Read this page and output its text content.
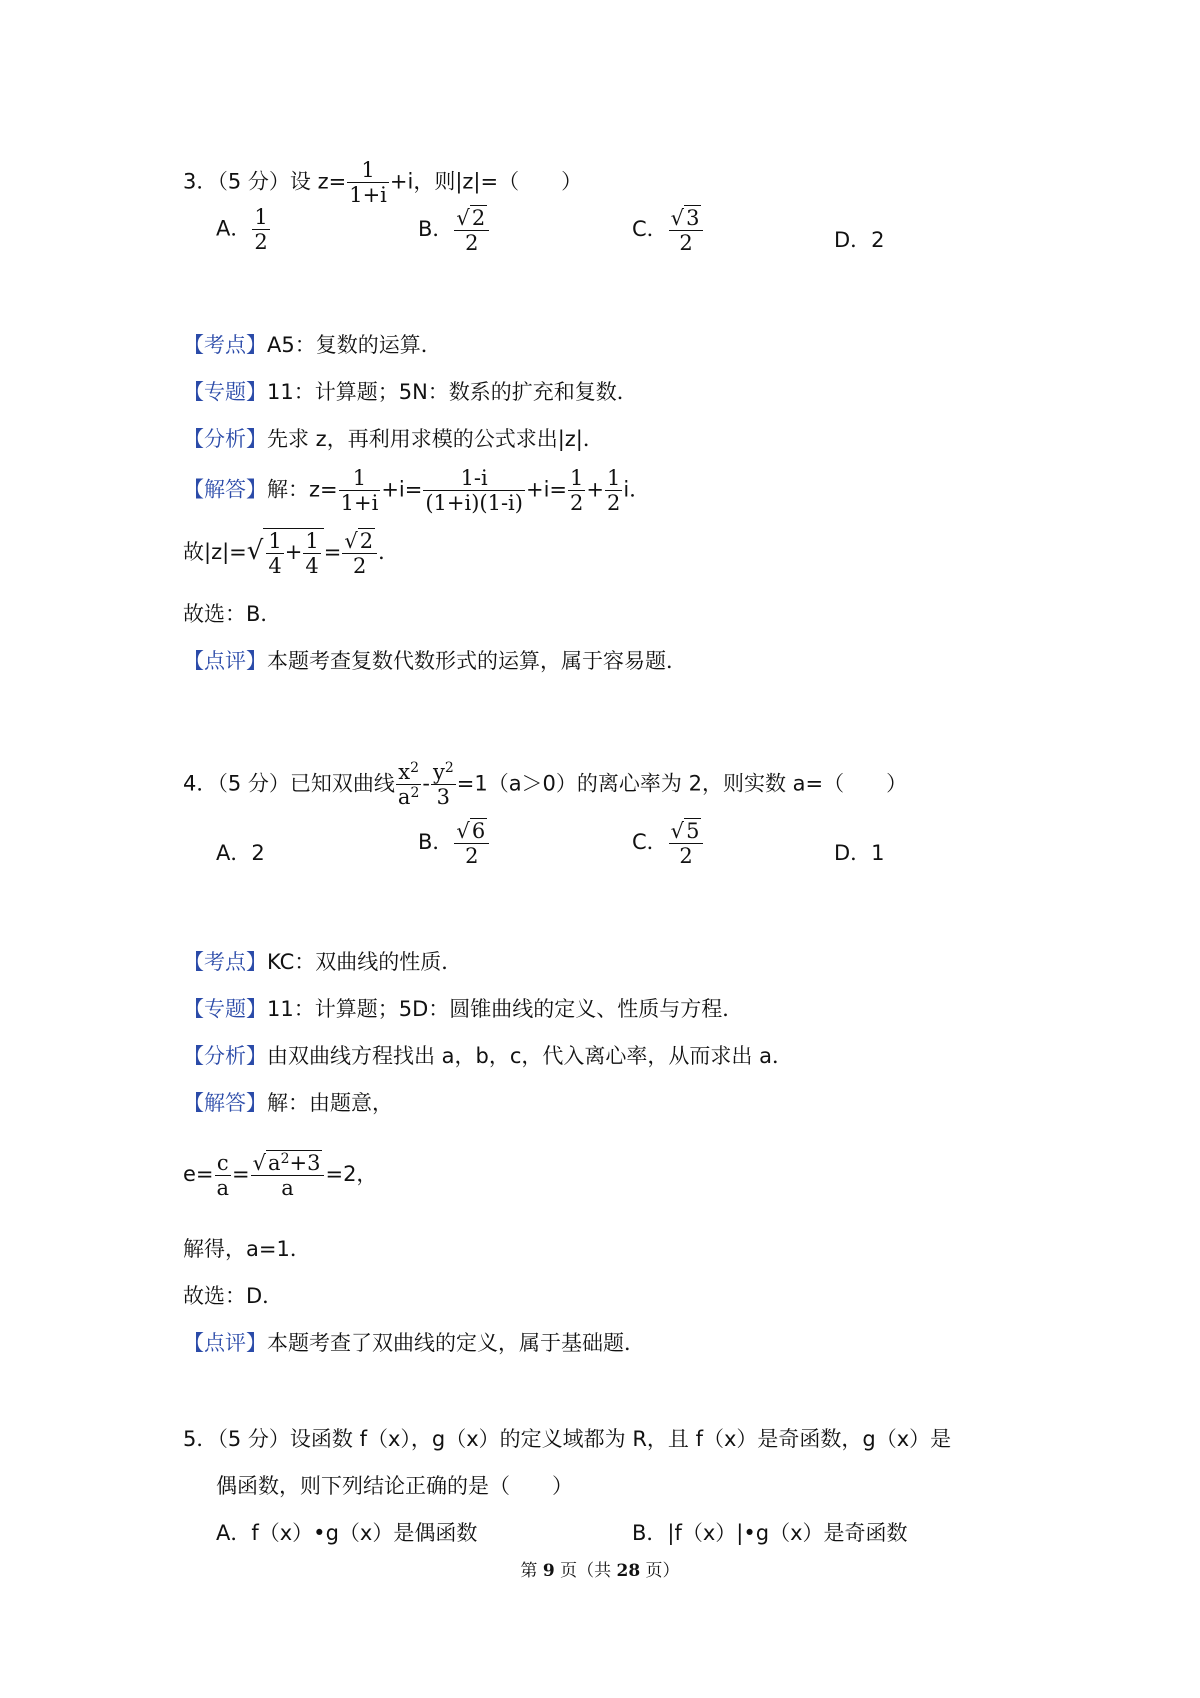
3．（5 分）设 $z= \frac{1}{1+i} +i$，则|z|=（　　）
A． $\frac{1}{2}$	B． $\frac{√2}{2}$	C． $\frac{√3}{2}$	D．2
【考点】A5：复数的运算．
【专题】11：计算题；5N：数系的扩充和复数．
【分析】先求 z，再利用求模的公式求出|z|．
【解答】解：$z= \frac{1}{1+i} +i= \frac{1-i}{(1+i)(1-i)} +i= \frac{1}{2} + \frac{1}{2}$ i．
故$|z|=√ \frac{1}{4} + \frac{1}{4} = \frac{√2}{2}$ ．
故选：B．
【点评】本题考查复数代数形式的运算，属于容易题．
4．（5 分）已知双曲线 $\frac{x^2}{a^2} - \frac{y^2}{3} =1(a>0)$的离心率为 2，则实数 a=（　　）
A．2	B． $\frac{√6}{2}$	C． $\frac{√5}{2}$	D．1
【考点】KC：双曲线的性质．
【专题】11：计算题；5D：圆锥曲线的定义、性质与方程．
【分析】由双曲线方程找出 a，b，c，代入离心率，从而求出 a．
【解答】解：由题意，
$e= \frac{c}{a} = \frac{√a^2+3}{a} =2$，
解得，a=1．
故选：D．
【点评】本题考查了双曲线的定义，属于基础题．
5．（5 分）设函数 f（x），g（x）的定义域都为 R，且 f（x）是奇函数，g（x）是
偶函数，则下列结论正确的是（　　）
A．f（x）•g（x）是偶函数	B．|f（x）|•g（x）是奇函数
第 9 页（共 28 页）
